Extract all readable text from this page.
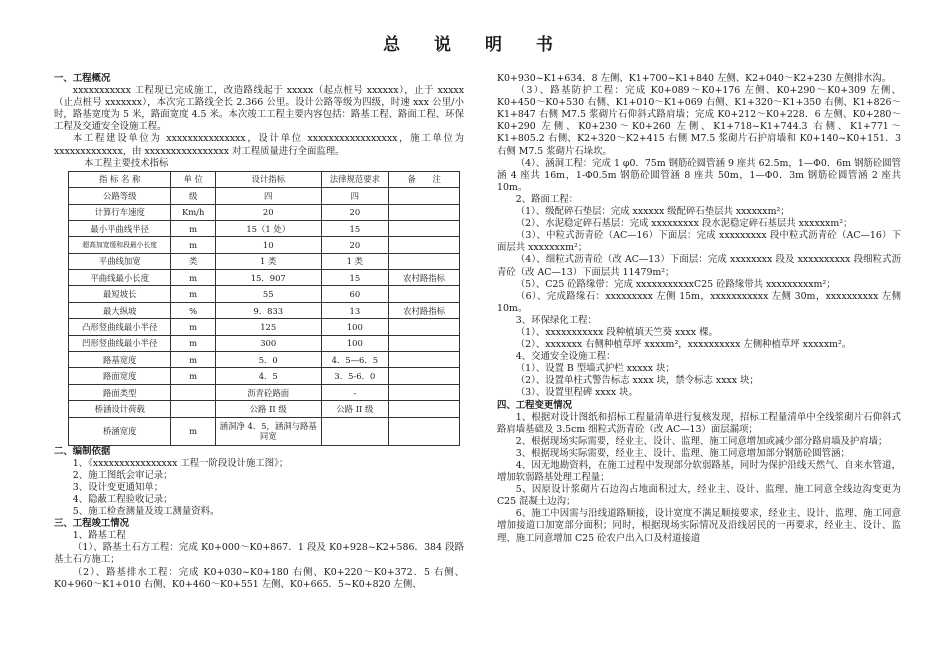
总 说 明 书
一、工程概况

xxxxxxxxxxx 工程现已完成施工，改造路线起于 xxxxx（起点桩号 xxxxxx），止于 xxxxx（止点桩号 xxxxxxx），本次完工路线全长 2.366 公里。设计公路等级为四级，时速 xxx 公里/小时，路基宽度为 5 米，路面宽度 4.5 米。本次竣工工程主要内容包括：路基工程、路面工程、环保工程及交通安全设施工程。

本工程建设单位为 xxxxxxxxxxxxxxx，设计单位 xxxxxxxxxxxxxxxxx，施工单位为 xxxxxxxxxxxxx，由 xxxxxxxxxxxxxxxx 对工程质量进行全面监理。

本工程主要技术指标

指 标 名 称	单 位	设计指标	法律规范要求	备　　注
公路等级	级	四	四	
计算行车速度	Km/h	20	20	
最小平曲线半径	m	15（1 处）	15	
超高加宽缓和段最小长度	m	10	20	
平曲线加宽	类	1 类	1 类	
平曲线最小长度	m	15．907	15	农村路指标
最短坡长	m	55	60	
最大纵坡	%	9．833	13	农村路指标
凸形竖曲线最小半径	m	125	100	
凹形竖曲线最小半径	m	300	100	
路基宽度	m	5．0	4．5—6．5	
路面宽度	m	4．5	3．5-6．0	
路面类型		沥青砼路面	-	
桥涵设计荷载		公路 II 级	公路 II 级	
桥涵宽度	m	涵洞净 4．5，涵洞与路基同宽		
二、编制依据

1、《xxxxxxxxxxxxxxxx 工程一阶段设计施工图》；

2、施工图纸会审记录；

3、设计变更通知单；

4、隐蔽工程验收记录；

5、施工检查测量及竣工测量资料。

三、工程竣工情况

1、路基工程

（1）、路基土石方工程：完成 K0+000～K0+867．1 段及 K0+928~K2+586．384 段路基土石方施工；

（2）、路基排水工程：完成 K0+030~K0+180 右侧、K0+220～K0+372．5 右侧、K0+960～K1+010 右侧、K0+460～K0+551 左侧、K0+665．5~K0+820 左侧、

K0+930~K1+634．8 左侧、K1+700~K1+840 左侧、K2+040～K2+230 左侧排水沟。

（3）、路基防护工程：完成 K0+089～K0+176 左侧、K0+290～K0+309 左侧、K0+450～K0+530 右侧、K1+010～K1+069 右侧、K1+320～K1+350 右侧、K1+826～K1+847 右侧 M7.5 浆砌片石仰斜式路肩墙；完成 K0+212～K0+228．6 左侧、K0+280～K0+290 左侧、K0+230～K0+260 左侧、K1+718~K1+744.3 右侧、K1+771～K1+805.2 右侧、K2+320～K2+415 右侧 M7.5 浆砌片石护肩墙和 K0+140~K0+151．3 右侧 M7.5 浆砌片石垛坎。

（4）、涵洞工程：完成 1 φ0．75m 钢筋砼圆管涵 9 座共 62.5m，1—Φ0．6m 钢筋砼圆管涵 4 座共 16m，1-Φ0.5m 钢筋砼圆管涵 8 座共 50m，1—Φ0．3m 钢筋砼圆管涵 2 座共 10m。

2、路面工程：

（1）、级配碎石垫层：完成 xxxxxx 级配碎石垫层共 xxxxxxm²；

（2）、水泥稳定碎石基层：完成 xxxxxxxxx 段水泥稳定碎石基层共 xxxxxxm²；

（3）、中粒式沥青砼（AC—16）下面层：完成 xxxxxxxxx 段中粒式沥青砼（AC—16）下面层共 xxxxxxxm²；

（4）、细粒式沥青砼（改 AC—13）下面层：完成 xxxxxxxx 段及 xxxxxxxxxx 段细粒式沥青砼（改 AC—13）下面层共 11479m²；

（5）、C25 砼路缘带：完成 xxxxxxxxxxxC25 砼路缘带共 xxxxxxxxxm²；

（6）、完成路缘石：xxxxxxxxx 左侧 15m，xxxxxxxxxxx 左侧 30m，xxxxxxxxxx 左侧 10m。

3、环保绿化工程：

（1）、xxxxxxxxxxx 段种植填天竺葵 xxxx 棵。

（2）、xxxxxxx 右侧种植草坪 xxxxm²，xxxxxxxxxx 左侧种植草坪 xxxxxm²。

4、交通安全设施工程：

（1）、设置 B 型墙式护栏 xxxxx 块；

（2）、设置单柱式警告标志 xxxx 块，禁令标志 xxxx 块；

（3）、设置里程碑 xxxx 块。

四、工程变更情况

1、根据对设计图纸和招标工程量清单进行复核发现，招标工程量清单中全线浆砌片石仰斜式路肩墙基础及 3.5cm 细粒式沥青砼（改 AC—13）面层漏项；

2、根据现场实际需要，经业主、设计、监理、施工同意增加或减少部分路肩墙及护肩墙；

3、根据现场实际需要，经业主、设计、监理、施工同意增加部分钢筋砼圆管涵；

4、因无地勘资料，在施工过程中发现部分软弱路基，同时为保护沿线天然气、自来水管道，增加软弱路基处理工程量；

5、因原设计浆砌片石边沟占地面积过大，经业主、设计、监理、施工同意全线边沟变更为 C25 混凝土边沟；

6、施工中因需与沿线道路顺接，设计宽度不满足顺接要求，经业主、设计、监理、施工同意增加接道口加宽部分面积；同时，根据现场实际情况及沿线居民的一再要求，经业主、设计、监理、施工同意增加 C25 砼农户出入口及村道接道
